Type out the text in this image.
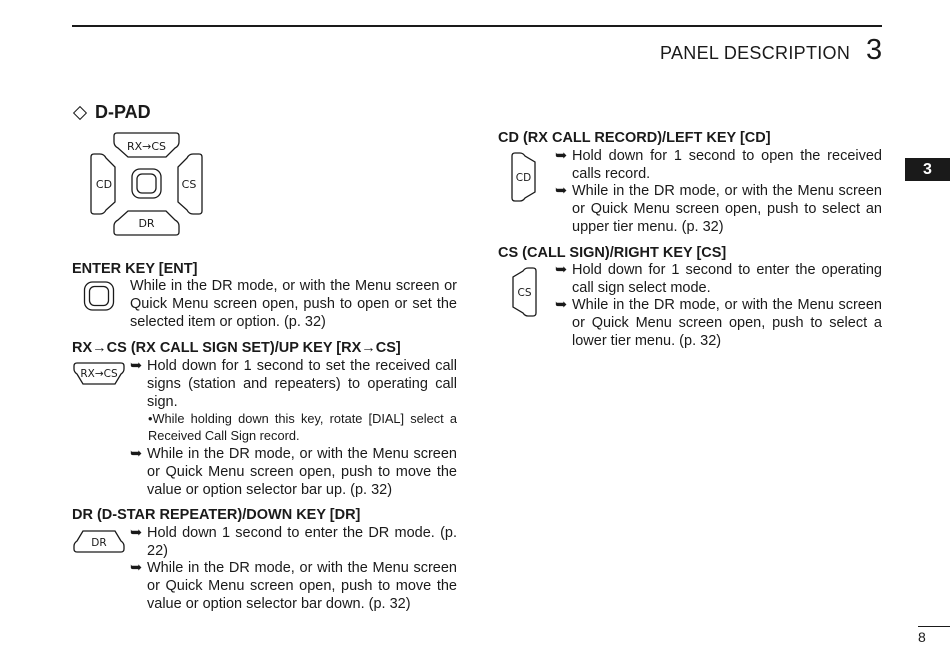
PANEL DESCRIPTION 3
3
8
D-PAD
RX→CS
DR
CD	CS
ENTER KEY [ENT]
While in the DR mode, or with the Menu screen or Quick Menu screen open, push to open or set the selected item or option. (p. 32)
RX→CS (RX CALL SIGN SET)/UP KEY [RX→CS]
RX→CS ➥ Hold down for 1 second to set the received call signs (station and repeaters) to operating call sign.
•While holding down this key, rotate [DIAL] select a Received Call Sign record.
➥ While in the DR mode, or with the Menu screen or Quick Menu screen open, push to move the value or option selector bar up. (p. 32)
DR (D-STAR REPEATER)/DOWN KEY [DR]
DR
➥ Hold down 1 second to enter the DR mode. (p. 22)
➥ While in the DR mode, or with the Menu screen or Quick Menu screen open, push to move the value or option selector bar down. (p. 32)
CD (RX CALL RECORD)/LEFT KEY [CD]
CD
➥ Hold down for 1 second to open the received calls record.
➥ While in the DR mode, or with the Menu screen or Quick Menu screen open, push to select an upper tier menu. (p. 32)
CS (CALL SIGN)/RIGHT KEY [CS]
CS
➥ Hold down for 1 second to enter the operating call sign select mode.
➥ While in the DR mode, or with the Menu screen or Quick Menu screen open, push to select a lower tier menu. (p. 32)
